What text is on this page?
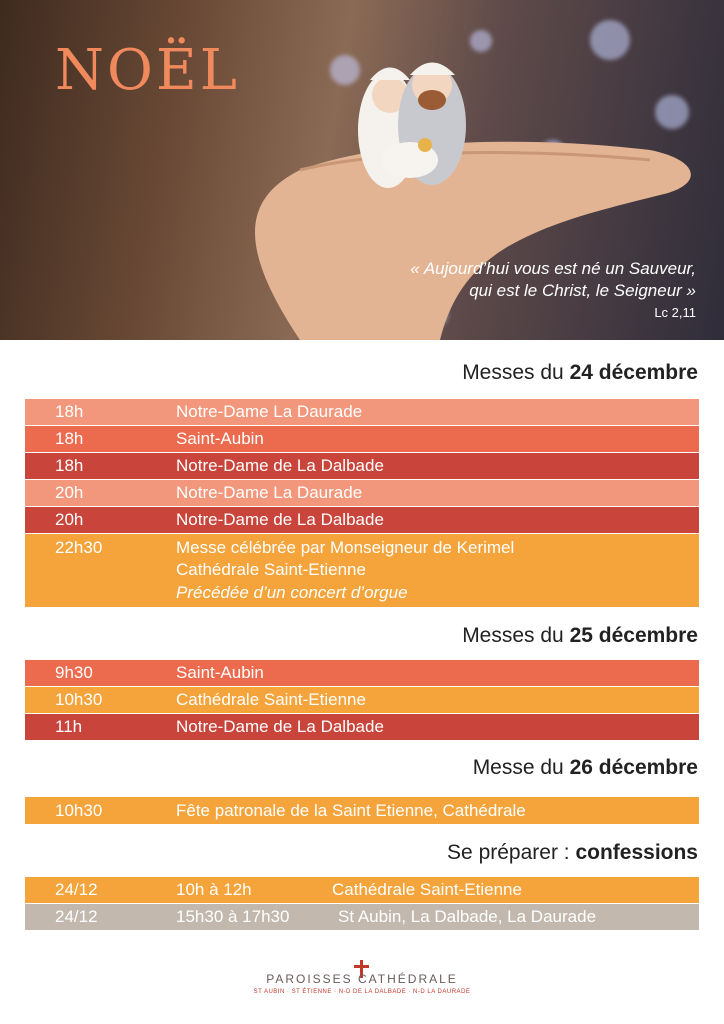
NOËL
« Aujourd’hui vous est né un Sauveur,
qui est le Christ, le Seigneur »
Lc 2,11
Messes du 24 décembre
18h	Notre-Dame La Daurade
18h	Saint-Aubin
18h	Notre-Dame de La Dalbade
20h	Notre-Dame La Daurade
20h	Notre-Dame de La Dalbade
22h30	Messe célébrée par Monseigneur de Kerimel
Cathédrale Saint-Etienne
Précédée d’un concert d’orgue
Messes du 25 décembre
9h30	Saint-Aubin
10h30	Cathédrale Saint-Etienne
11h	Notre-Dame de La Dalbade
Messe du 26 décembre
10h30	Fête patronale de la Saint Etienne, Cathédrale
Se préparer : confessions
24/12	10h à 12h	Cathédrale Saint-Etienne
24/12	15h30 à 17h30	St Aubin, La Dalbade, La Daurade
PAROISSES CATHÉDRALE
ST AUBIN · ST ÉTIENNE · N-D DE LA DALBADE · N-D LA DAURADE
